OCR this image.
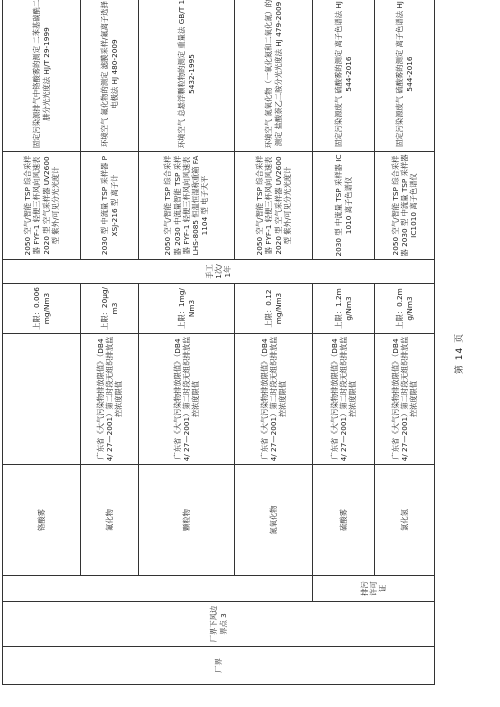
厂界	厂界下风边界点 3		铬酸雾		上限：0.006mg/Nm3	手工 1次/1年	2050 空气/智能 TSP 综合采样器 FYF-1 轻便三杯风向风速表 2020 型 空气采样器 UV2600 型 紫外/可见分光光度计	固定污染源排气中铬酸雾的测定 二苯基碳酰二肼分光光度法 HJ/T 29-1999
			氟化物	广东省《大气污染物排放限值》（DB44/ 27—2001）第二时段无组织排放监控浓度限值	上限：20μg/m3		2030 型 中流量 TSP 采样器 PXSJ-216 型 离子计	环境空气 氟化物的测定 滤膜采样/氟离子选择电极法 HJ 480-2009
			颗粒物	广东省《大气污染物排放限值》（DB44/ 27—2001）第二时段无组织排放监控浓度限值	上限：1mg/Nm3		2050 空气/智能 TSP 综合采样器 2030 中流量智能 TSP 采样器 FYF-1 轻便三杯风向风速表 LHS-8085 恒温恒湿称重箱 FA1104 型 电子天平	环境空气 总悬浮颗粒物的测定 重量法 GB/T 15432-1995
			氮氧化物	广东省《大气污染物排放限值》（DB44/ 27—2001）第二时段无组织排放监控浓度限值	上限：0.12mg/Nm3		2050 空气/智能 TSP 综合采样器 FYF-1 轻便三杯风向风速表 2020 型 空气采样器 UV2600 型 紫外/可见分光光度计	环境空气 氮氧化物（一氧化氮和二氧化氮）的测定 盐酸萘乙二胺分光光度法 HJ 479-2009
		排污许可证	硫酸雾	广东省《大气污染物排放限值》（DB44/ 27—2001）第二时段无组织排放监控浓度限值	上限：1.2mg/Nm3		2030 型 中流量 TSP 采样器 IC1010 离子色谱仪	固定污染源废气 硫酸雾的测定 离子色谱法 HJ544-2016
			氯化氢	广东省《大气污染物排放限值》（DB44/ 27—2001）第二时段无组织排放监控浓度限值	上限：0.2mg/Nm3		2050 空气/智能 TSP 综合采样器 2030 型 中流量 TSP 采样器 IC1010 离子色谱仪	固定污染源废气 硫酸雾的测定 离子色谱法 HJ544-2016
第 14 页
